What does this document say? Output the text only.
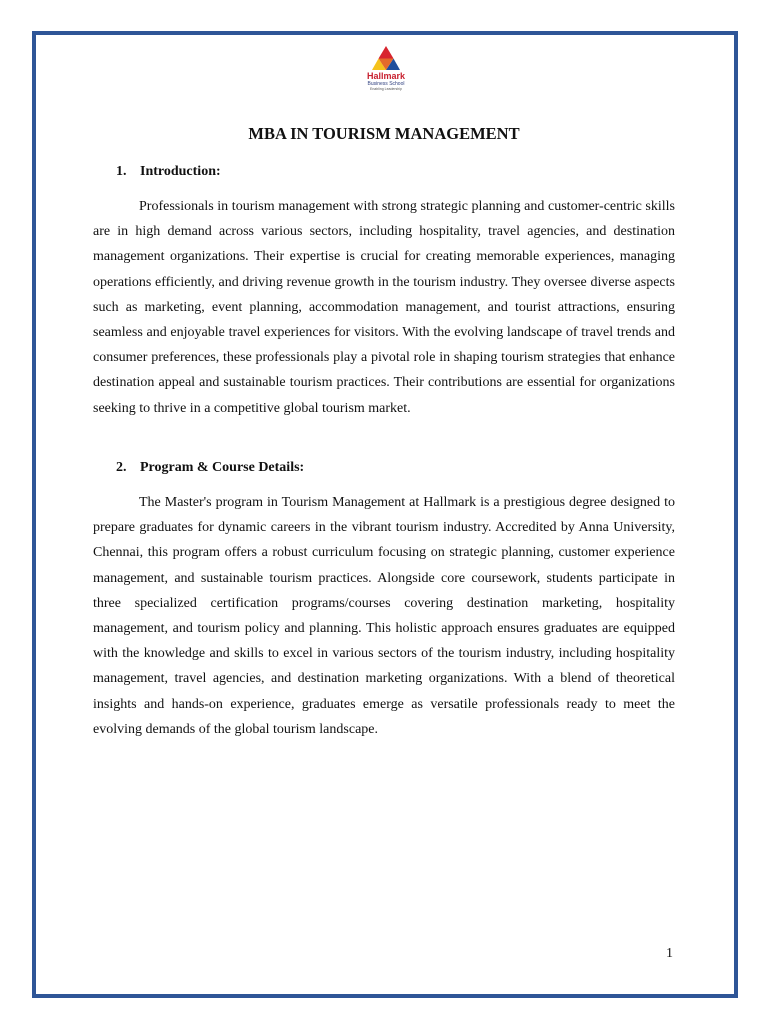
Hallmark
Business School
Enabling Leadership
MBA IN TOURISM MANAGEMENT
1. Introduction:

Professionals in tourism management with strong strategic planning and customer-centric skills are in high demand across various sectors, including hospitality, travel agencies, and destination management organizations. Their expertise is crucial for creating memorable experiences, managing operations efficiently, and driving revenue growth in the tourism industry. They oversee diverse aspects such as marketing, event planning, accommodation management, and tourist attractions, ensuring seamless and enjoyable travel experiences for visitors. With the evolving landscape of travel trends and consumer preferences, these professionals play a pivotal role in shaping tourism strategies that enhance destination appeal and sustainable tourism practices. Their contributions are essential for organizations seeking to thrive in a competitive global tourism market.

2. Program & Course Details:

The Master's program in Tourism Management at Hallmark is a prestigious degree designed to prepare graduates for dynamic careers in the vibrant tourism industry. Accredited by Anna University, Chennai, this program offers a robust curriculum focusing on strategic planning, customer experience management, and sustainable tourism practices. Alongside core coursework, students participate in three specialized certification programs/courses covering destination marketing, hospitality management, and tourism policy and planning. This holistic approach ensures graduates are equipped with the knowledge and skills to excel in various sectors of the tourism industry, including hospitality management, travel agencies, and destination marketing organizations. With a blend of theoretical insights and hands-on experience, graduates emerge as versatile professionals ready to meet the evolving demands of the global tourism landscape.

1
